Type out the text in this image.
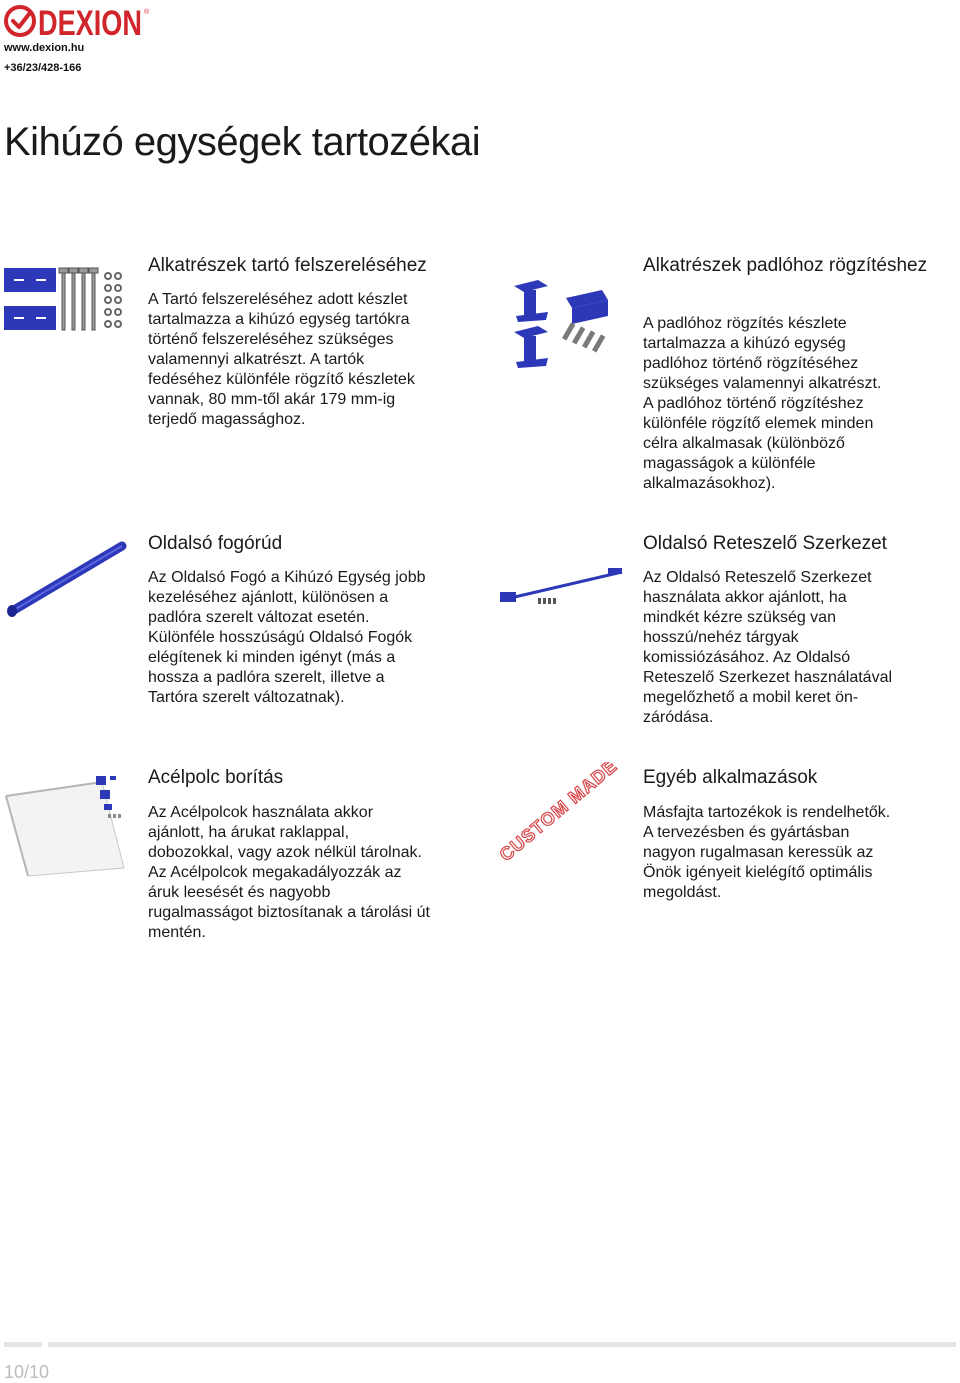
DEXION ®
www.dexion.hu
+36/23/428-166
Kihúzó egységek tartozékai
Alkatrészek tartó felszereléséhez
A Tartó felszereléséhez adott készlet
tartalmazza a kihúzó egység tartókra
történő felszereléséhez szükséges
valamennyi alkatrészt. A tartók
fedéséhez különféle rögzítő készletek
vannak, 80 mm-től akár 179 mm-ig
terjedő magassághoz.
Alkatrészek padlóhoz rögzítéshez
A padlóhoz rögzítés készlete
tartalmazza a kihúzó egység
padlóhoz történő rögzítéséhez
szükséges valamennyi alkatrészt.
A padlóhoz történő rögzítéshez
különféle rögzítő elemek minden
célra alkalmasak (különböző
magasságok a különféle
alkalmazásokhoz).
Oldalsó fogórúd
Az Oldalsó Fogó a Kihúzó Egység jobb
kezeléséhez ajánlott, különösen a
padlóra szerelt változat esetén.
Különféle hosszúságú Oldalsó Fogók
elégítenek ki minden igényt (más a
hossza a padlóra szerelt, illetve a
Tartóra szerelt változatnak).
Oldalsó Reteszelő Szerkezet
Az Oldalsó Reteszelő Szerkezet
használata akkor ajánlott, ha
mindkét kézre szükség van
hosszú/nehéz tárgyak
komissiózásához. Az Oldalsó
Reteszelő Szerkezet használatával
megelőzhető a mobil keret ön-
záródása.
Acélpolc borítás
Az Acélpolcok használata akkor
ajánlott, ha árukat raklappal,
dobozokkal, vagy azok nélkül tárolnak.
Az Acélpolcok megakadályozzák az
áruk leesését és nagyobb
rugalmasságot biztosítanak a tárolási út
mentén.
CUSTOM MADE Egyéb alkalmazások
Másfajta tartozékok is rendelhetők.
A tervezésben és gyártásban
nagyon rugalmasan keressük az
Önök igényeit kielégítő optimális
megoldást.
10/10
